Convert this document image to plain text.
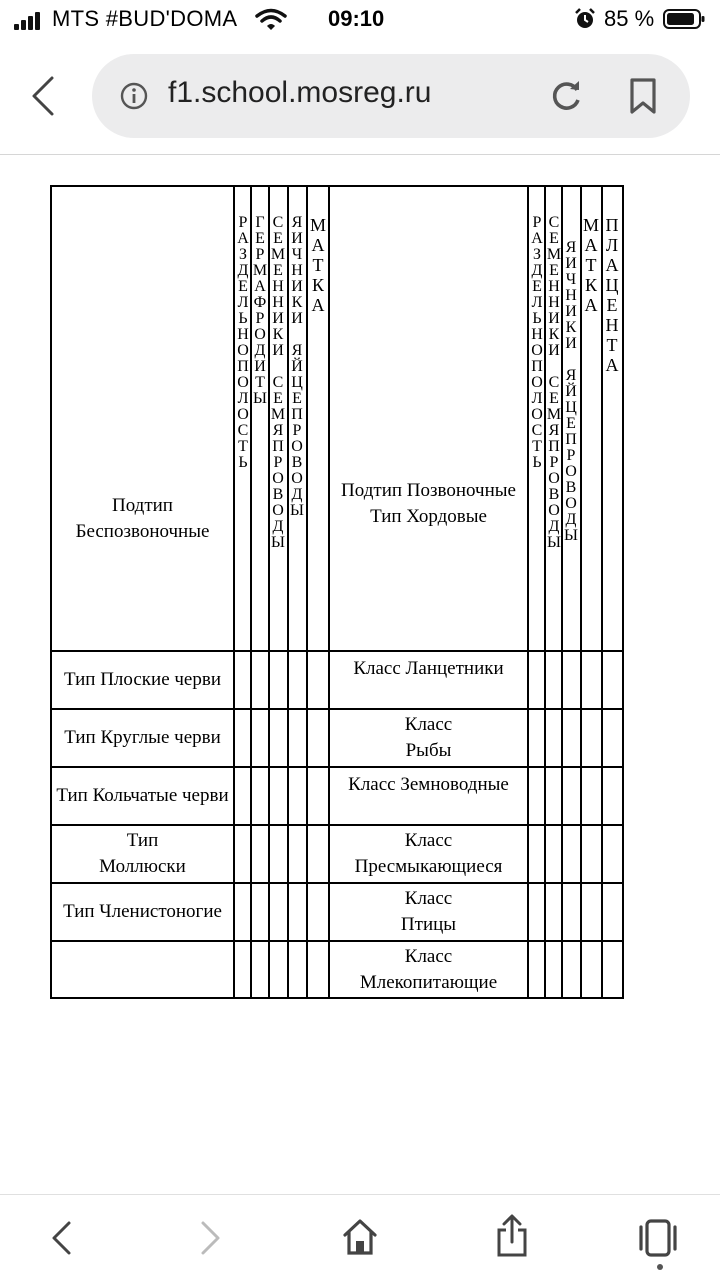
MTS #BUD'DOMA	09:10	85 %
f1.school.mosreg.ru
Подтип Беспозвоночные
Подтип Позвоночные Тип Хордовые
Р
А
З
Д
Е
Л
Ь
Н
О
П
О
Л
О
С
Т
Ь
Г
Е
Р
М
А
Ф
Р
О
Д
И
Т
Ы
С
Е
М
Е
Н
Н
И
К
И

С
Е
М
Я
П
Р
О
В
О
Д
Ы
Я
И
Ч
Н
И
К
И

Я
Й
Ц
Е
П
Р
О
В
О
Д
Ы
М
А
Т
К
А
Р
А
З
Д
Е
Л
Ь
Н
О
П
О
Л
О
С
Т
Ь
С
Е
М
Е
Н
Н
И
К
И

С
Е
М
Я
П
Р
О
В
О
Д
Ы
Я
И
Ч
Н
И
К
И

Я
Й
Ц
Е
П
Р
О
В
О
Д
Ы
М
А
Т
К
А
П
Л
А
Ц
Е
Н
Т
А
Тип Плоские черви
Тип Круглые черви
Тип Кольчатые черви
Тип Моллюски
Тип Членистоногие
Класс Ланцетники
Класс Рыбы
Класс Земноводные
Класс Пресмыкающиеся
Класс Птицы
Класс Млекопитающие
